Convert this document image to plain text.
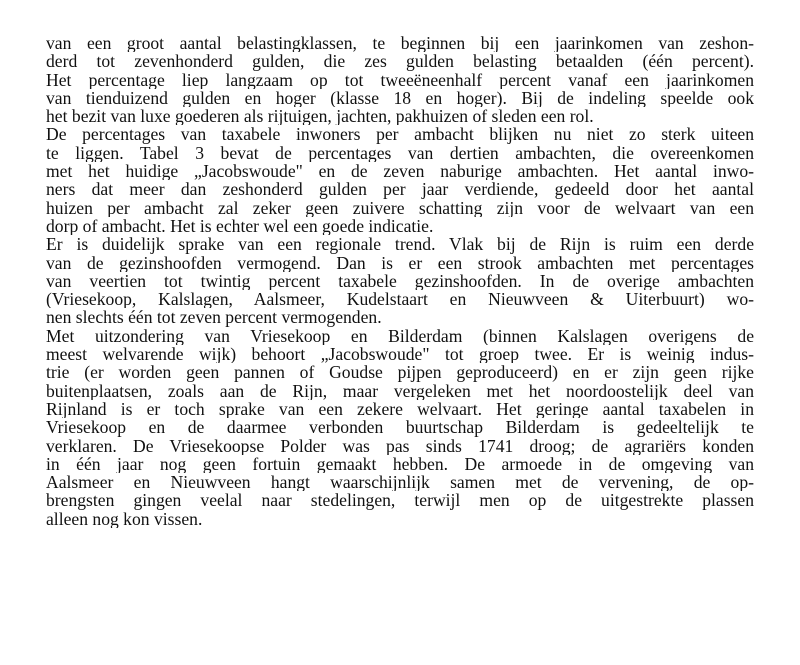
van een groot aantal belastingklassen, te beginnen bij een jaarinkomen van zeshon-
derd tot zevenhonderd gulden, die zes gulden belasting betaalden (één percent).
Het percentage liep langzaam op tot tweeëneenhalf percent vanaf een jaarinkomen
van tienduizend gulden en hoger (klasse 18 en hoger). Bij de indeling speelde ook
het bezit van luxe goederen als rijtuigen, jachten, pakhuizen of sleden een rol.
De percentages van taxabele inwoners per ambacht blijken nu niet zo sterk uiteen
te liggen. Tabel 3 bevat de percentages van dertien ambachten, die overeenkomen
met het huidige „Jacobswoude" en de zeven naburige ambachten. Het aantal inwo-
ners dat meer dan zeshonderd gulden per jaar verdiende, gedeeld door het aantal
huizen per ambacht zal zeker geen zuivere schatting zijn voor de welvaart van een
dorp of ambacht. Het is echter wel een goede indicatie.
Er is duidelijk sprake van een regionale trend. Vlak bij de Rijn is ruim een derde
van de gezinshoofden vermogend. Dan is er een strook ambachten met percentages
van veertien tot twintig percent taxabele gezinshoofden. In de overige ambachten
(Vriesekoop, Kalslagen, Aalsmeer, Kudelstaart en Nieuwveen & Uiterbuurt) wo-
nen slechts één tot zeven percent vermogenden.
Met uitzondering van Vriesekoop en Bilderdam (binnen Kalslagen overigens de
meest welvarende wijk) behoort „Jacobswoude" tot groep twee. Er is weinig indus-
trie (er worden geen pannen of Goudse pijpen geproduceerd) en er zijn geen rijke
buitenplaatsen, zoals aan de Rijn, maar vergeleken met het noordoostelijk deel van
Rijnland is er toch sprake van een zekere welvaart. Het geringe aantal taxabelen in
Vriesekoop en de daarmee verbonden buurtschap Bilderdam is gedeeltelijk te
verklaren. De Vriesekoopse Polder was pas sinds 1741 droog; de agrariërs konden
in één jaar nog geen fortuin gemaakt hebben. De armoede in de omgeving van
Aalsmeer en Nieuwveen hangt waarschijnlijk samen met de vervening, de op-
brengsten gingen veelal naar stedelingen, terwijl men op de uitgestrekte plassen
alleen nog kon vissen.
